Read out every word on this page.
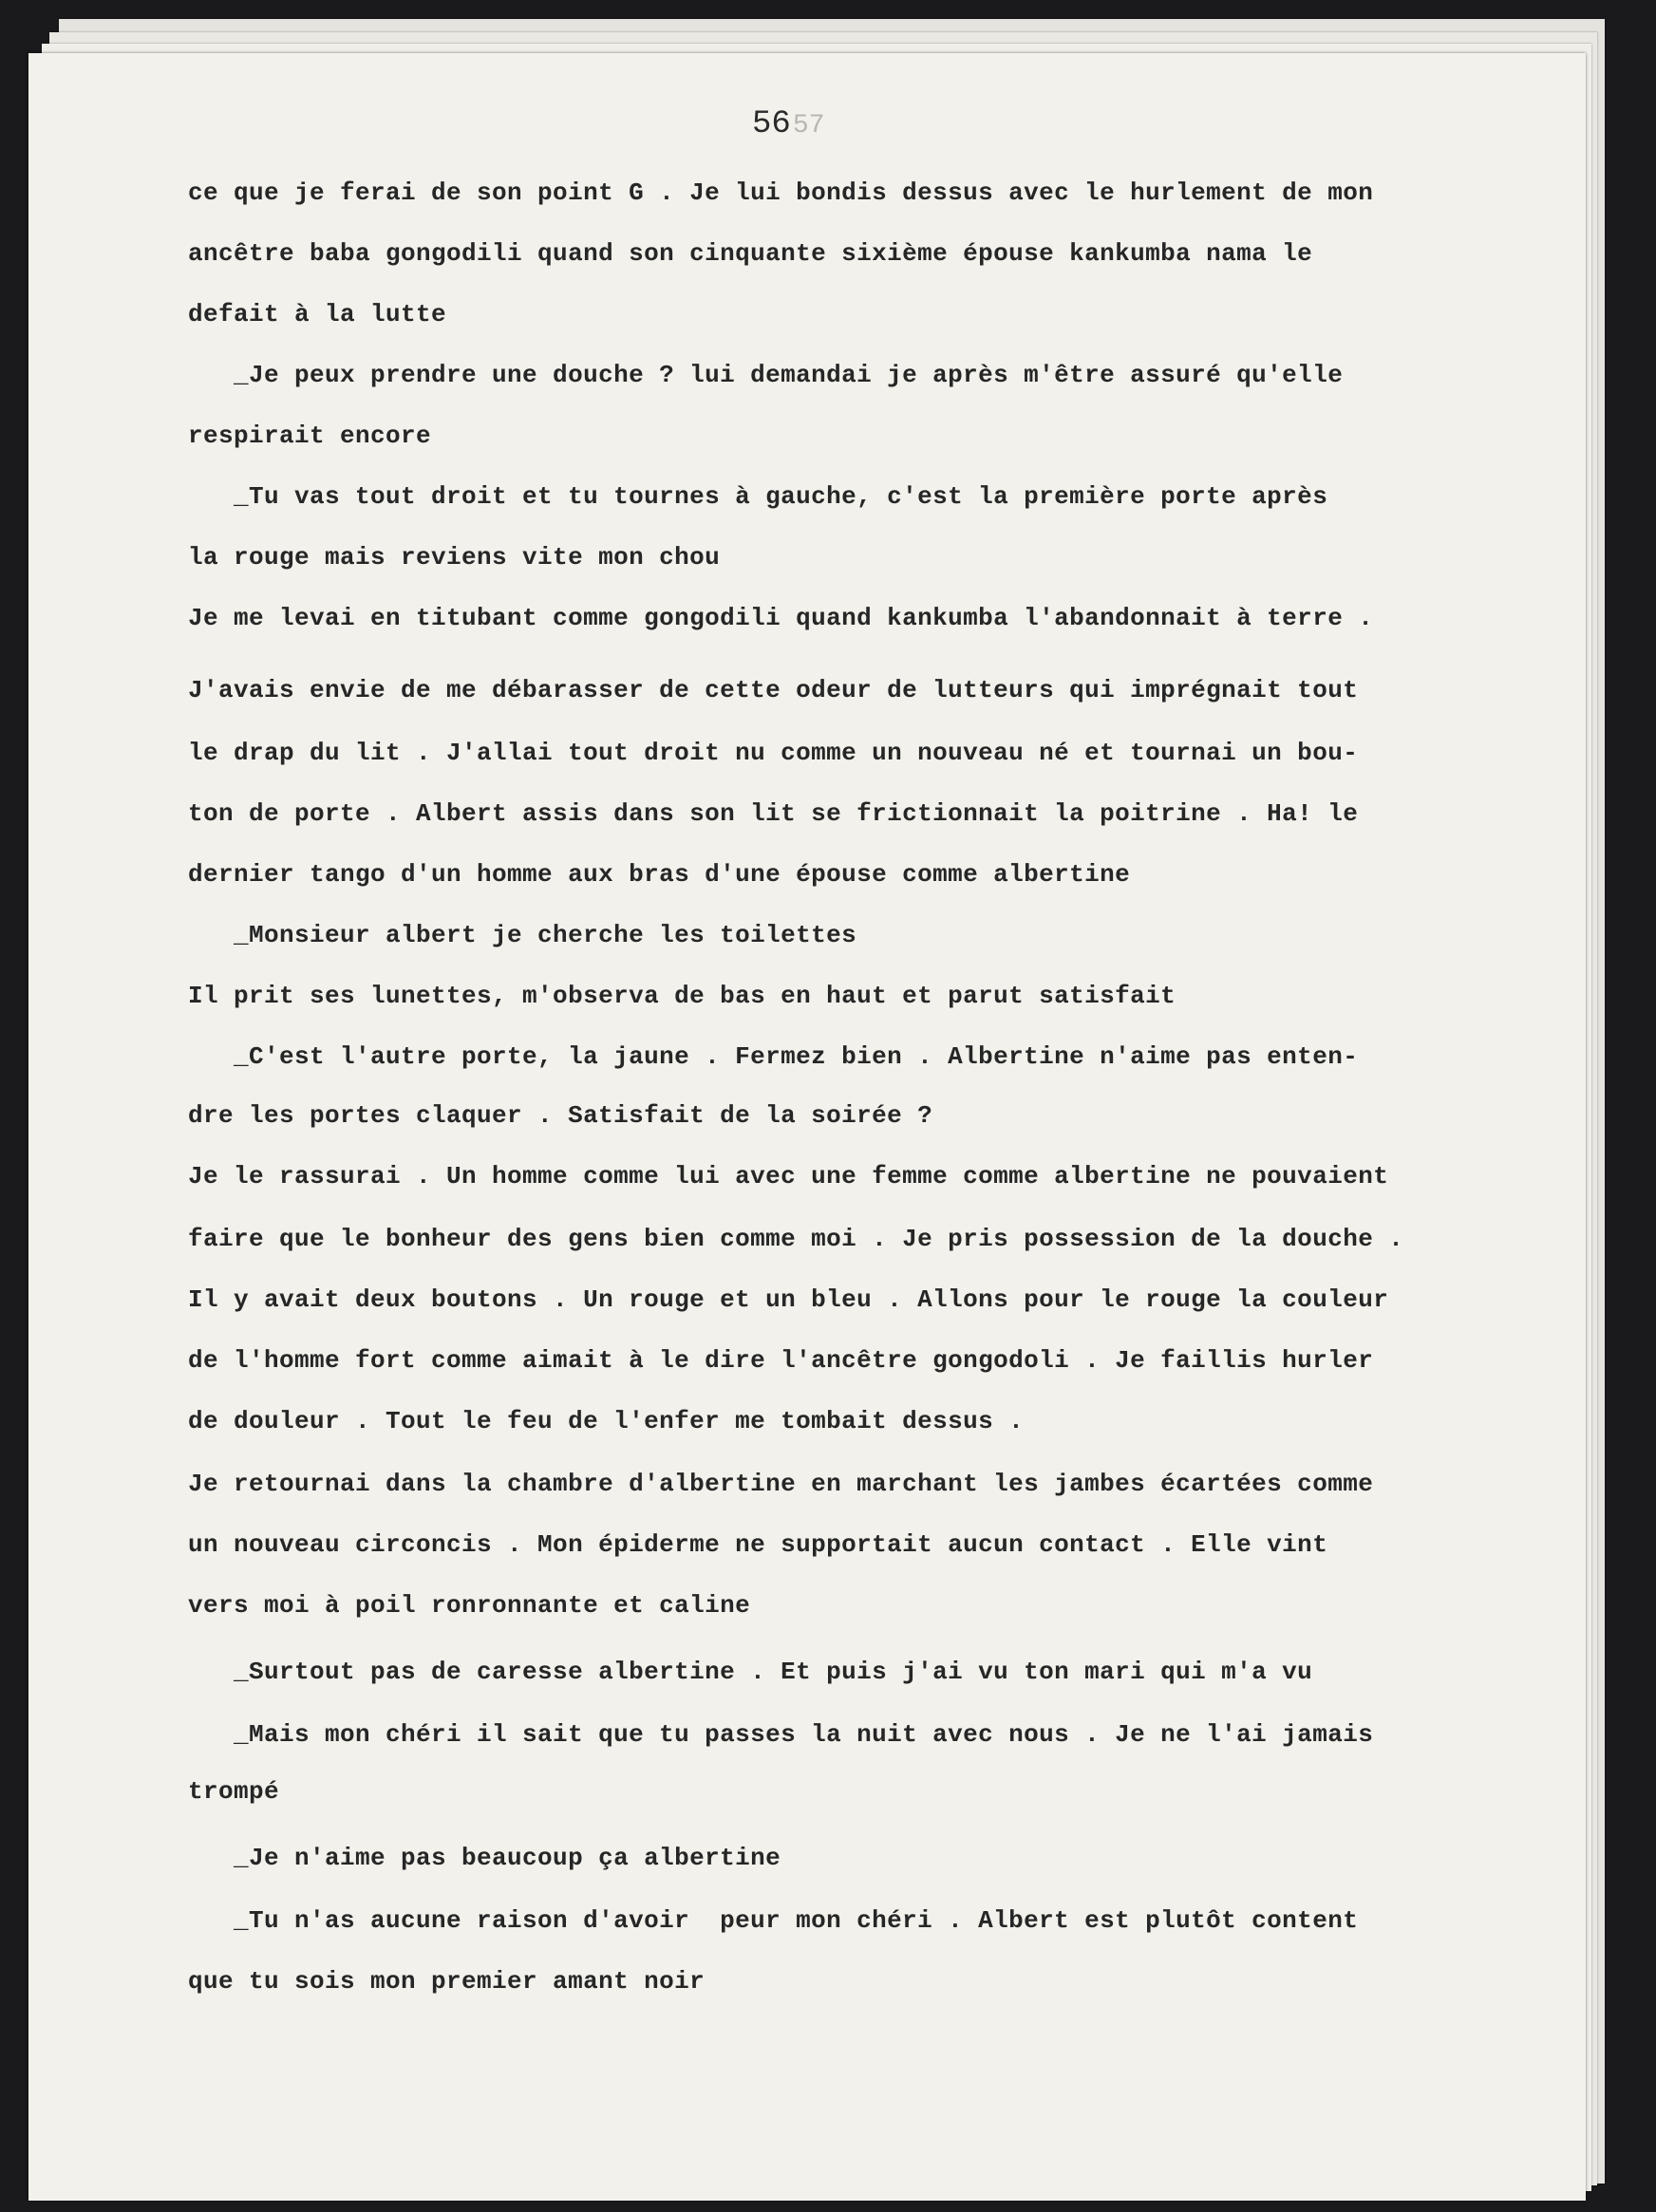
5657
ce que je ferai de son point G . Je lui bondis dessus avec le hurlement de mon
ancêtre baba gongodili quand son cinquante sixième épouse kankumba nama le
defait à la lutte
_Je peux prendre une douche ? lui demandai je après m'être assuré qu'elle
respirait encore
_Tu vas tout droit et tu tournes à gauche, c'est la première porte après
la rouge mais reviens vite mon chou
Je me levai en titubant comme gongodili quand kankumba l'abandonnait à terre .
J'avais envie de me débarasser de cette odeur de lutteurs qui imprégnait tout
le drap du lit . J'allai tout droit nu comme un nouveau né et tournai un bou-
ton de porte . Albert assis dans son lit se frictionnait la poitrine . Ha! le
dernier tango d'un homme aux bras d'une épouse comme albertine
_Monsieur albert je cherche les toilettes
Il prit ses lunettes, m'observa de bas en haut et parut satisfait
_C'est l'autre porte, la jaune . Fermez bien . Albertine n'aime pas enten-
dre les portes claquer . Satisfait de la soirée ?
Je le rassurai . Un homme comme lui avec une femme comme albertine ne pouvaient
faire que le bonheur des gens bien comme moi . Je pris possession de la douche .
Il y avait deux boutons . Un rouge et un bleu . Allons pour le rouge la couleur
de l'homme fort comme aimait à le dire l'ancêtre gongodoli . Je faillis hurler
de douleur . Tout le feu de l'enfer me tombait dessus .
Je retournai dans la chambre d'albertine en marchant les jambes écartées comme
un nouveau circoncis . Mon épiderme ne supportait aucun contact . Elle vint
vers moi à poil ronronnante et caline
_Surtout pas de caresse albertine . Et puis j'ai vu ton mari qui m'a vu
_Mais mon chéri il sait que tu passes la nuit avec nous . Je ne l'ai jamais
trompé
_Je n'aime pas beaucoup ça albertine
_Tu n'as aucune raison d'avoir  peur mon chéri . Albert est plutôt content
que tu sois mon premier amant noir
